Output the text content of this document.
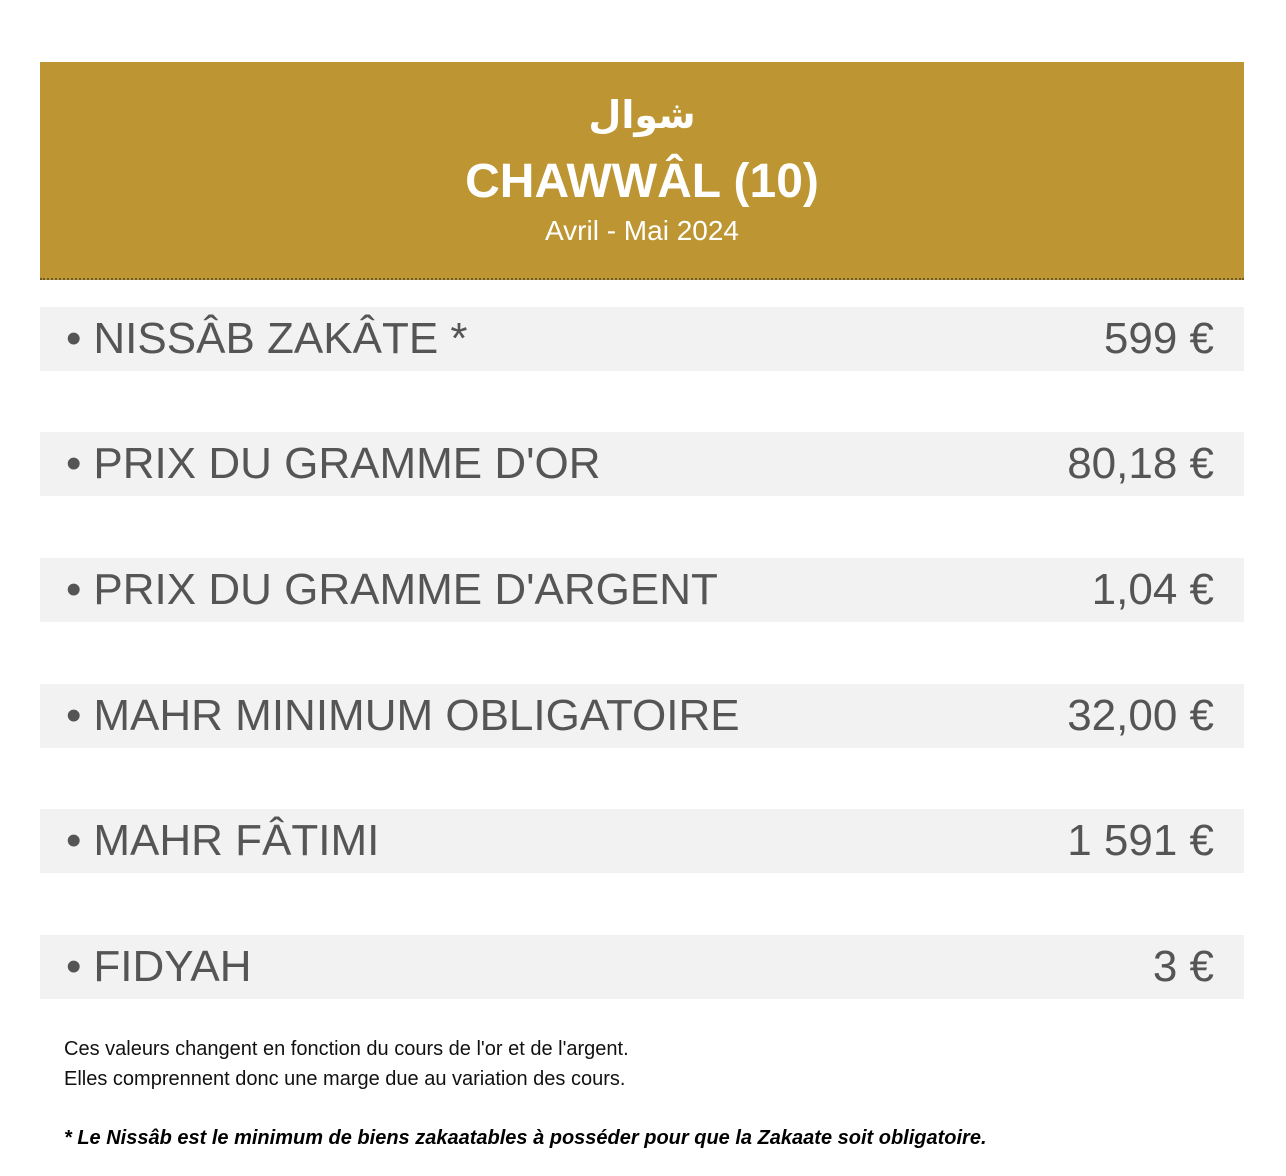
شوال
CHAWWÂL (10)
Avril - Mai 2024
• NISSÂB ZAKÂTE *	599 €
• PRIX DU GRAMME D'OR	80,18 €
• PRIX DU GRAMME D'ARGENT	1,04 €
• MAHR MINIMUM OBLIGATOIRE	32,00 €
• MAHR FÂTIMI	1 591 €
• FIDYAH	3 €
Ces valeurs changent en fonction du cours de l'or et de l'argent.
Elles comprennent donc une marge due au variation des cours.
* Le Nissâb est le minimum de biens zakaatables à posséder pour que la Zakaate soit obligatoire.
